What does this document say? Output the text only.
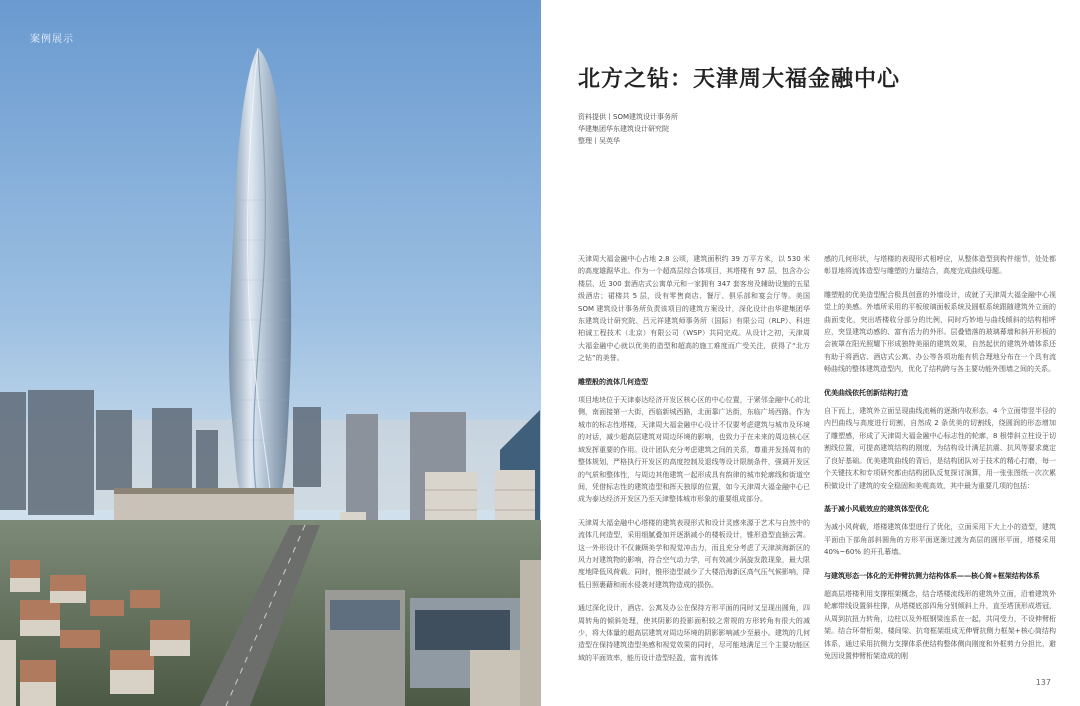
案例展示
北方之钻：天津周大福金融中心
资料提供丨SOM建筑设计事务所
华建集团华东建筑设计研究院
整理丨吴英华

天津周大福金融中心占地 2.8 公顷，建筑面积约 39 万平方米，以 530 米的高度雄踞华北。作为一个超高层综合体项目，其塔楼有 97 层，包含办公楼层、近 300 套酒店式公寓单元和一家拥有 347 套客房及辅助设施的五星级酒店；裙楼共 5 层，设有零售商店、餐厅、俱乐部和宴会厅等。美国 SOM 建筑设计事务所负责该项目的建筑方案设计，深化设计由华建集团华东建筑设计研究院、吕元祥建筑师事务所（国际）有限公司（RLP）、科进柏诚工程技术（北京）有限公司（WSP）共同完成。从设计之初，天津周大福金融中心就以优美的造型和超高的施工难度而广受关注，获得了“北方之钻”的美誉。

雕塑般的流体几何造型

项目地块位于天津泰达经济开发区核心区的中心位置，于紧邻金融中心的北侧，南面接第一大街，西临新城西路，北面靠广达街，东临广场西路。作为城市的标志性塔楼，天津周大福金融中心设计不仅要考虑建筑与城市及环境的对话，减少超高层建筑对周边环境的影响，也致力于在未来的周边核心区域发挥重要的作用。设计团队充分考虑建筑之间的关系，尊重并发扬周有的整体规划，严格执行开发区的高度控制及退线等设计限制条件，强调开发区的气质和整体性，与周边其他建筑一起形成具有韵律的城市轮廓线和街道空间，凭借标志性的建筑造型和挥天独厚的位置，如今天津周大福金融中心已成为泰达经济开发区乃至天津整体城市形象的重要组成部分。

天津周大福金融中心塔楼的建筑表现形式和设计灵感来源于艺术与自然中的流体几何造型，采用细腻叠加并逐渐减小的楼板设计，锥形造型直插云霄。这一外形设计不仅兼顾美学和视觉冲击力，而且充分考虑了天津滨海新区的风力对建筑物的影响，符合空气动力学，可有效减少涡旋发散现象，最大限度地降低风荷载。同时，锥形造型减少了大楼沿海新区高气压气候影响，降低日照裹藉和雨水侵袭对建筑物造成的损伤。

通过深化设计，酒店、公寓及办公在保持方形平面的同时又呈现出圆角，四周转角的倾斜处理，使其阴影的投影面积较之常规的方形转角有很大的减少，将大体量的超高层建筑对周边环境的阴影影响减少至最小。建筑的几何造型在保持建筑造型美感和视觉效果的同时，尽可能地满足三个主要功能区域的平面效率，能历设计造型轻盈，富有流体

感的几何形状，与塔楼的表现形式相呼应，从整体造型到构件细节，处处都彰显地将流体造型与雕塑的力量结合，高度完成曲线母题。

雕塑般的优美造型配合极具创意的外墙设计，成就了天津周大福金融中心视觉上的美感。外墙所采用的平板玻璃面板系统及圆框系统跟随建筑外立面的曲面变化，突出塔楼收分部分的比例，同时巧妙地与曲线倾斜的结构相呼应，突显建筑动感的、富有活力的外形。层叠错落的玻璃幕墙和斜开形板的会被罩在阳光照耀下形成独特美丽的建筑效果，自然起伏的建筑外墙体系还有助于将酒店、酒店式公寓、办公等各项功能有机合理地分布在一个具有流畅曲线的整体建筑造型内，优化了结构跨与各主要功能外围墙之间的关系。

优美曲线依托创新结构打造

自下而上，建筑外立面呈现曲线流畅的逐渐内收形态，4 个立面带竖半径的内凹曲线与高度进行切割，自然成 2 条优美的切割线，绕圆润的形态增加了雕塑感，形成了天津周大福金融中心标志性的轮廓，8 根带斜立柱设于切割线位置，可提高建筑结构的刚度，为结构设计满足抗震、抗风等要求奠定了良好基础。优美建筑曲线的背后，是结构团队对于技术的精心打磨，每一个关键技术和专项研究都由结构团队反复探讨演算，用一张张图纸一次次累积做设计了建筑的安全稳固和美观高效，其中最为重要几项的包括：

基于减小风载效应的建筑体型优化

为减小风荷载，塔楼建筑体型进行了优化，立面采用下大上小的造型，建筑平面由下部角部斜圆角的方形平面逐渐过渡为高层的圆形平面，塔楼采用 40%~60% 的开孔幕墙。

与建筑形态一体化的无伸臂抗侧力结构体系——核心简+框架结构体系

超高层塔楼利用支撑框架概念，结合塔楼流线形的建筑外立面，沿着建筑外轮廓带线设置斜柱撑，从塔楼底部四角分别倾斜上升，直至塔顶形成塔冠，从周到抗扭力转角，边柱以及外框钢梁连系在一起，共同受力，不设伸臂桁架。结合环带桁架、楼间梁、抗弯框架组成无伸臂抗侧力框架+核心筒结构体系，通过采用抗侧力支撑体系使结构整体侧向刚度和外框剪力分担比，避免因设置伸臂桁架造成的刚

137
